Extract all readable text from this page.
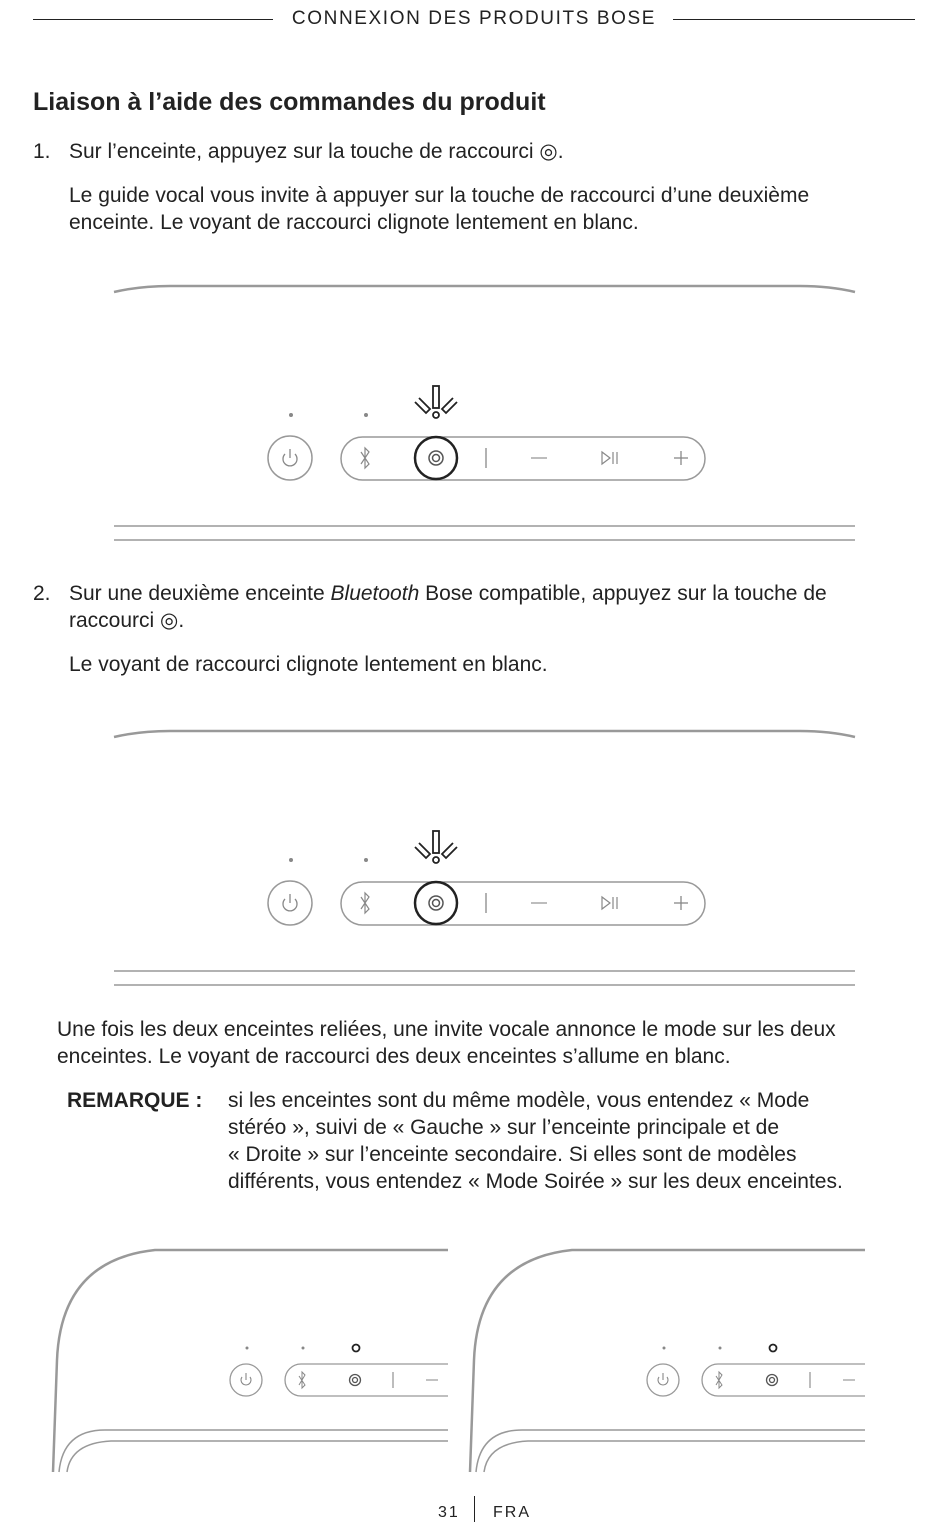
CONNEXION DES PRODUITS BOSE
Liaison à l’aide des commandes du produit
1. Sur l’enceinte, appuyez sur la touche de raccourci ◎.
Le guide vocal vous invite à appuyer sur la touche de raccourci d’une deuxième
enceinte. Le voyant de raccourci clignote lentement en blanc.
2. Sur une deuxième enceinte Bluetooth Bose compatible, appuyez sur la touche de
raccourci ◎.
Le voyant de raccourci clignote lentement en blanc.
Une fois les deux enceintes reliées, une invite vocale annonce le mode sur les deux
enceintes. Le voyant de raccourci des deux enceintes s’allume en blanc.
REMARQUE : si les enceintes sont du même modèle, vous entendez « Mode
stéréo », suivi de « Gauche » sur l’enceinte principale et de
« Droite » sur l’enceinte secondaire. Si elles sont de modèles
différents, vous entendez « Mode Soirée » sur les deux enceintes.
31 FRA
